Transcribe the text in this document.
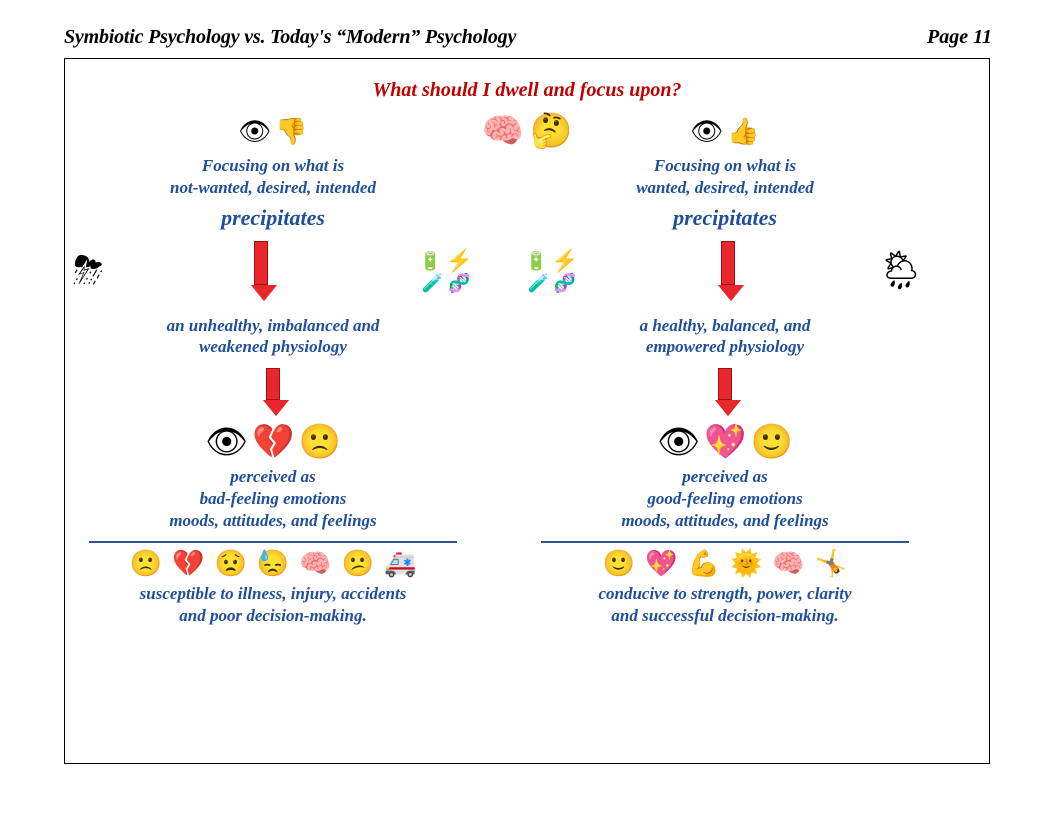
Symbiotic Psychology vs. Today's “Modern” Psychology	Page 11
What should I dwell and focus upon?
🧠 🤔
👁 👎
Focusing on what is
not-wanted, desired, intended
precipitates
⛈	🔋 ⚡
🧪 🧬
an unhealthy, imbalanced and
weakened physiology
👁 💔 🙁
perceived as
bad-feeling emotions
moods, attitudes, and feelings
🙁 💔 😟 😓 🧠 😕 🚑
susceptible to illness, injury, accidents
and poor decision-making.
👁 👍
Focusing on what is
wanted, desired, intended
precipitates
🔋 ⚡
🧪 🧬	🌦
a healthy, balanced, and
empowered physiology
👁 💖 🙂
perceived as
good-feeling emotions
moods, attitudes, and feelings
🙂 💖 💪 🌞 🧠 🤸
conducive to strength, power, clarity
and successful decision-making.
